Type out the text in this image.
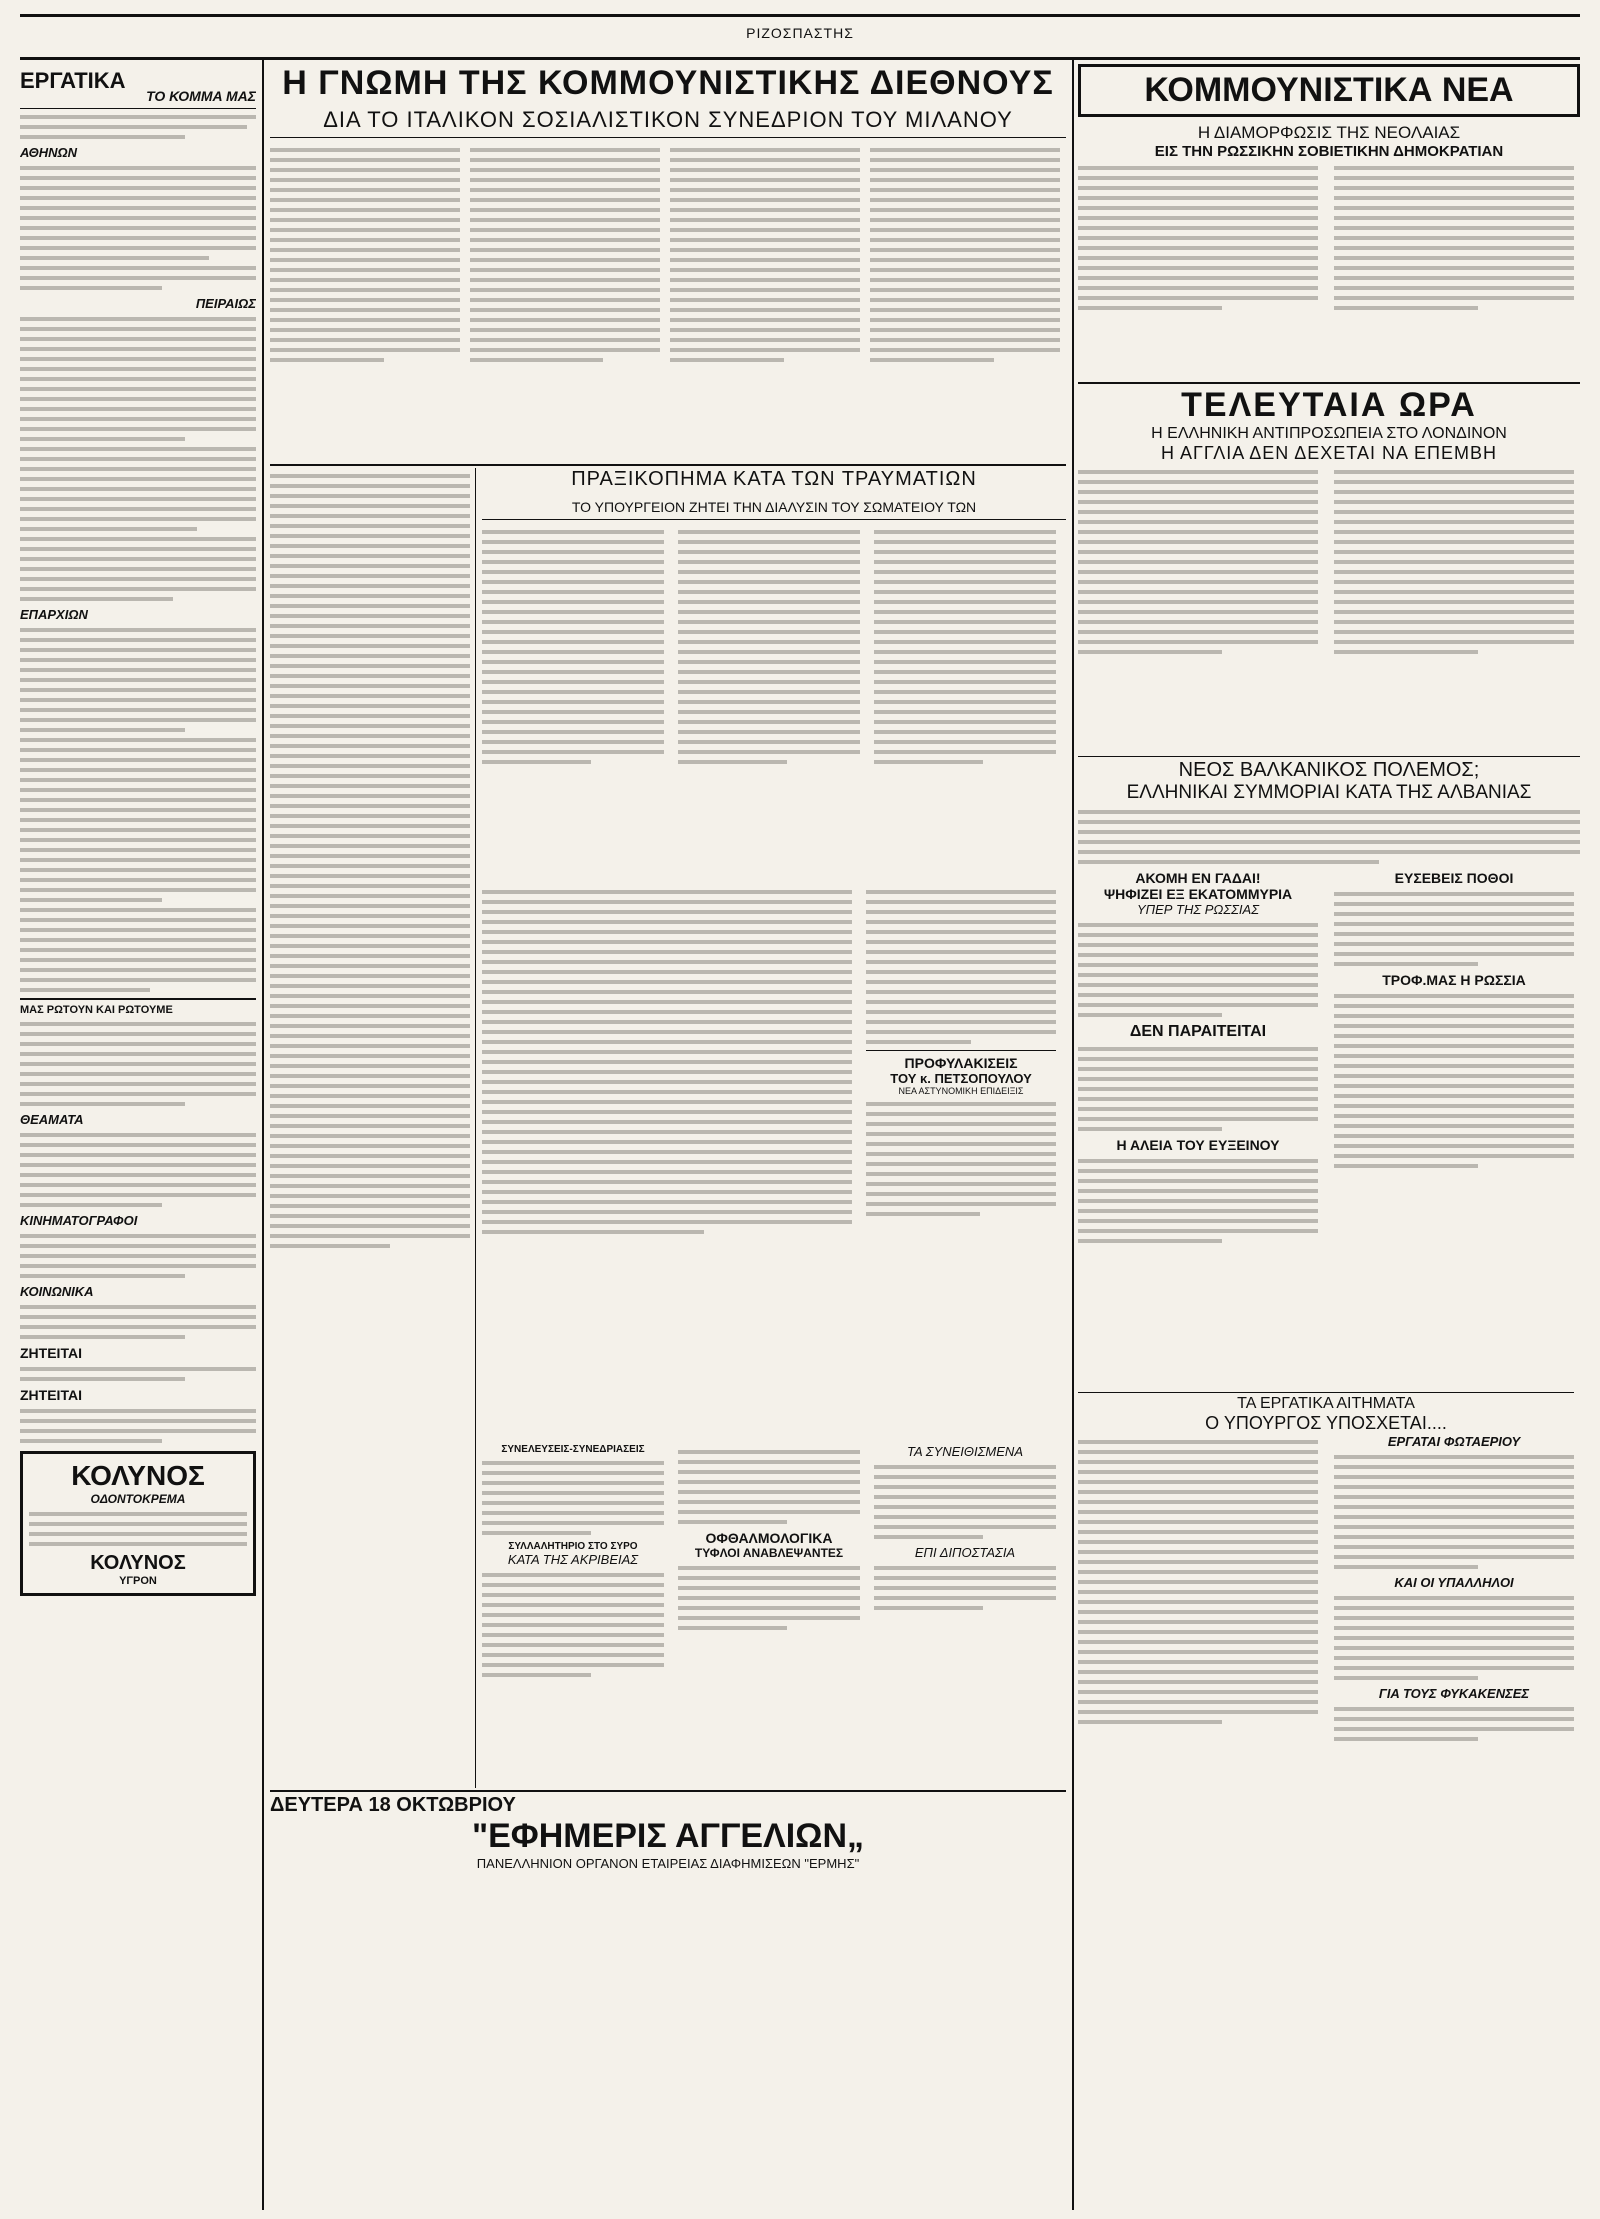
ΡΙΖΟΣΠΑΣΤΗΣ
ΕΡΓΑΤΙΚΑ
ΤΟ ΚΟΜΜΑ ΜΑΣ
ΑΘΗΝΩΝ
ΠΕΙΡΑΙΩΣ
ΕΠΑΡΧΙΩΝ
ΜΑΣ ΡΩΤΟΥΝ ΚΑΙ ΡΩΤΟΥΜΕ
ΘΕΑΜΑΤΑ
ΚΙΝΗΜΑΤΟΓΡΑΦΟΙ
ΚΟΙΝΩΝΙΚΑ
ΖΗΤΕΙΤΑΙ
ΖΗΤΕΙΤΑΙ
ΚΟΛΥΝΟΣ
ΟΔΟΝΤΟΚΡΕΜΑ
ΚΟΛΥΝΟΣ
ΥΓΡΟΝ
Η ΓΝΩΜΗ ΤΗΣ ΚΟΜΜΟΥΝΙΣΤΙΚΗΣ ΔΙΕΘΝΟΥΣ
ΔΙΑ ΤΟ ΙΤΑΛΙΚΟΝ ΣΟΣΙΑΛΙΣΤΙΚΟΝ ΣΥΝΕΔΡΙΟΝ ΤΟΥ ΜΙΛΑΝΟΥ
ΠΡΑΞΙΚΟΠΗΜΑ ΚΑΤΑ ΤΩΝ ΤΡΑΥΜΑΤΙΩΝ
ΤΟ ΥΠΟΥΡΓΕΙΟΝ ΖΗΤΕΙ ΤΗΝ ΔΙΑΛΥΣΙΝ ΤΟΥ ΣΩΜΑΤΕΙΟΥ ΤΩΝ
ΠΡΟΦΥΛΑΚΙΣΕΙΣ
ΤΟΥ κ. ΠΕΤΣΟΠΟΥΛΟΥ
ΝΕΑ ΑΣΤΥΝΟΜΙΚΗ ΕΠΙΔΕΙΞΙΣ
ΣΥΝΕΛΕΥΣΕΙΣ-ΣΥΝΕΔΡΙΑΣΕΙΣ
ΣΥΛΛΑΛΗΤΗΡΙΟ ΣΤΟ ΣΥΡΟ
ΚΑΤΑ ΤΗΣ ΑΚΡΙΒΕΙΑΣ
ΟΦΘΑΛΜΟΛΟΓΙΚΑ
ΤΥΦΛΟΙ ΑΝΑΒΛΕΨΑΝΤΕΣ
ΤΑ ΣΥΝΕΙΘΙΣΜΕΝΑ
ΕΠΙ ΔΙΠΟΣΤΑΣΙΑ
ΔΕΥΤΕΡΑ 18 ΟΚΤΩΒΡΙΟΥ
"ΕΦΗΜΕΡΙΣ ΑΓΓΕΛΙΩΝ„
ΠΑΝΕΛΛΗΝΙΟΝ ΟΡΓΑΝΟΝ ΕΤΑΙΡΕΙΑΣ ΔΙΑΦΗΜΙΣΕΩΝ "ΕΡΜΗΣ"
ΚΟΜΜΟΥΝΙΣΤΙΚΑ ΝΕΑ
Η ΔΙΑΜΟΡΦΩΣΙΣ ΤΗΣ ΝΕΟΛΑΙΑΣ
ΕΙΣ ΤΗΝ ΡΩΣΣΙΚΗΝ ΣΟΒΙΕΤΙΚΗΝ ΔΗΜΟΚΡΑΤΙΑΝ
ΤΕΛΕΥΤΑΙΑ ΩΡΑ
Η ΕΛΛΗΝΙΚΗ ΑΝΤΙΠΡΟΣΩΠΕΙΑ ΣΤΟ ΛΟΝΔΙΝΟΝ
Η ΑΓΓΛΙΑ ΔΕΝ ΔΕΧΕΤΑΙ ΝΑ ΕΠΕΜΒΗ
ΝΕΟΣ ΒΑΛΚΑΝΙΚΟΣ ΠΟΛΕΜΟΣ;
ΕΛΛΗΝΙΚΑΙ ΣΥΜΜΟΡΙΑΙ ΚΑΤΑ ΤΗΣ ΑΛΒΑΝΙΑΣ
ΑΚΟΜΗ ΕΝ ΓΑΔΑΙ!
ΨΗΦΙΖΕΙ ΕΞ ΕΚΑΤΟΜΜΥΡΙΑ
ΥΠΕΡ ΤΗΣ ΡΩΣΣΙΑΣ
ΔΕΝ ΠΑΡΑΙΤΕΙΤΑΙ
Η ΑΛΕΙΑ ΤΟΥ ΕΥΞΕΙΝΟΥ
ΕΥΣΕΒΕΙΣ ΠΟΘΟΙ
ΤΡΟΦ.ΜΑΣ Η ΡΩΣΣΙΑ
ΤΑ ΕΡΓΑΤΙΚΑ ΑΙΤΗΜΑΤΑ
Ο ΥΠΟΥΡΓΟΣ ΥΠΟΣΧΕΤΑΙ....
ΕΡΓΑΤΑΙ ΦΩΤΑΕΡΙΟΥ
ΚΑΙ ΟΙ ΥΠΑΛΛΗΛΟΙ
ΓΙΑ ΤΟΥΣ ΦΥΚΑΚΕΝΣΕΣ
